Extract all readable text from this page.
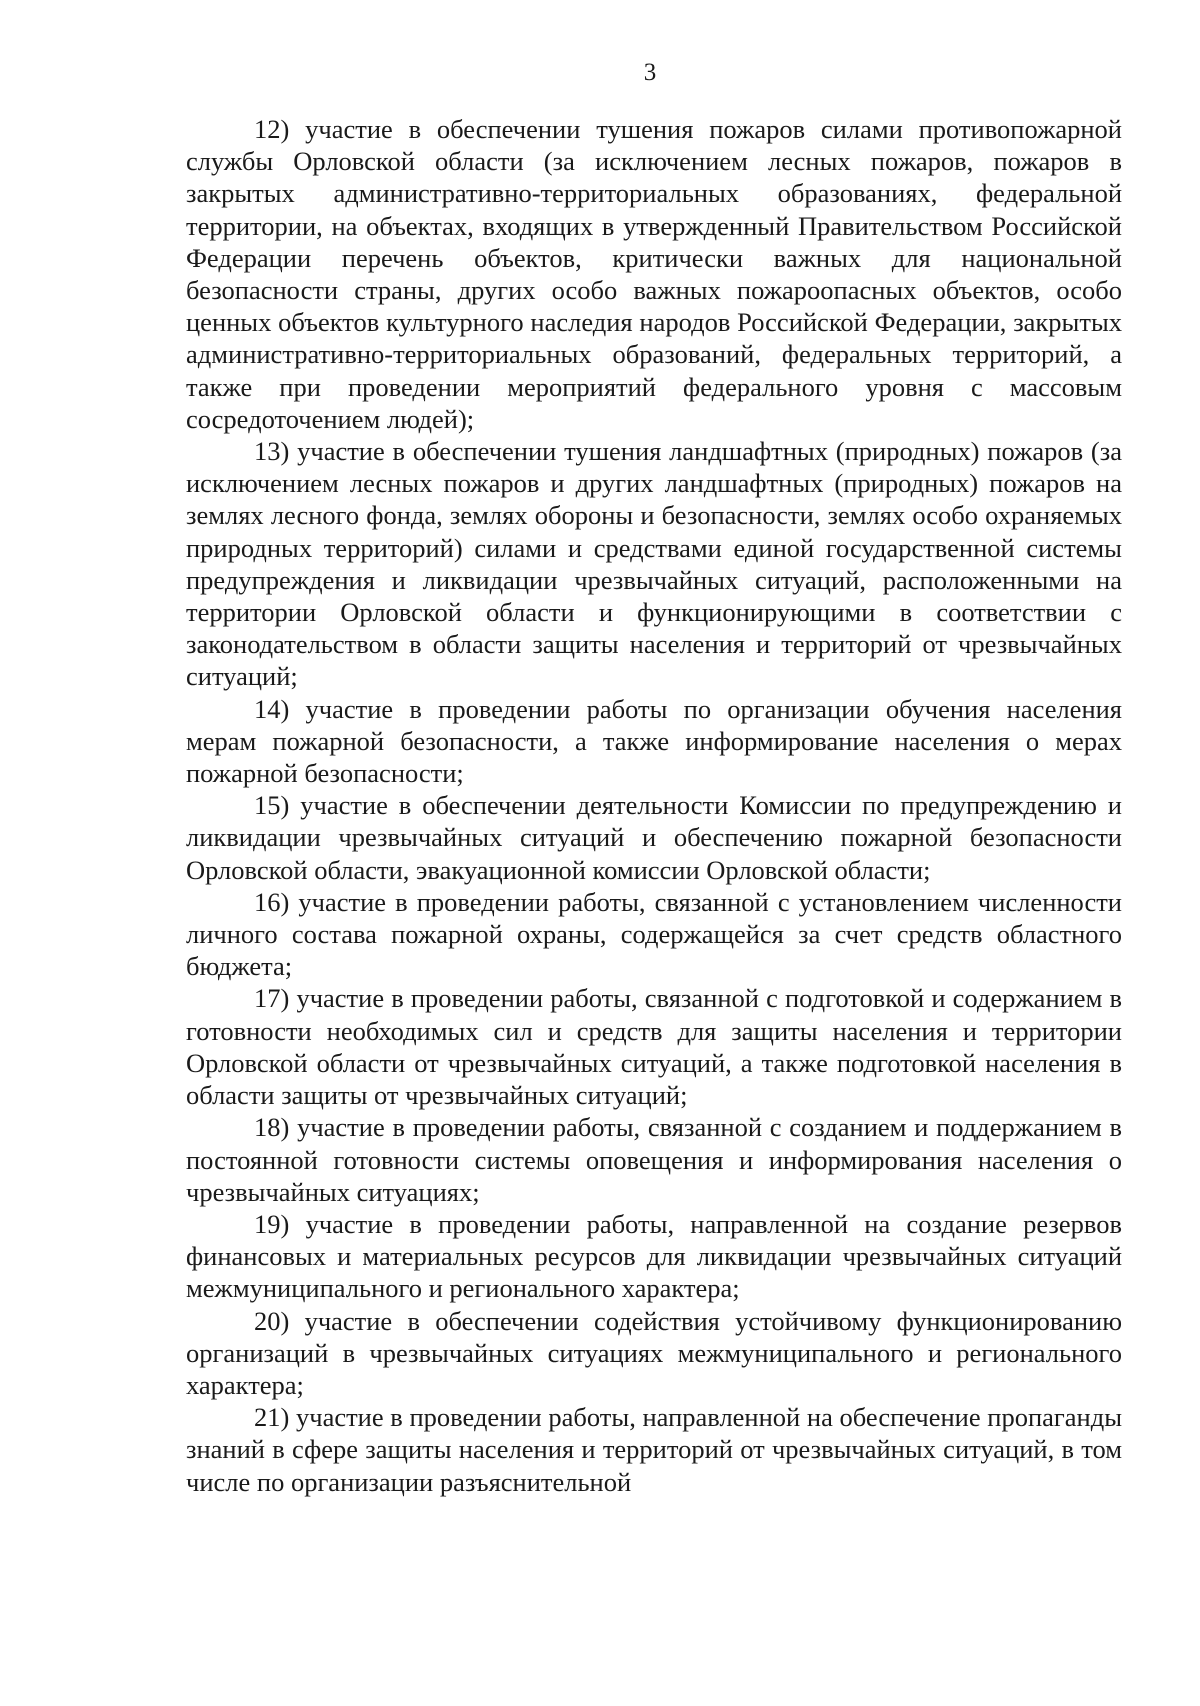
3

12) участие в обеспечении тушения пожаров силами противопожарной службы Орловской области (за исключением лесных пожаров, пожаров в закрытых административно-территориальных образованиях, федеральной территории, на объектах, входящих в утвержденный Правительством Российской Федерации перечень объектов, критически важных для национальной безопасности страны, других особо важных пожароопасных объектов, особо ценных объектов культурного наследия народов Российской Федерации, закрытых административно-территориальных образований, федеральных территорий, а также при проведении мероприятий федерального уровня с массовым сосредоточением людей);

13) участие в обеспечении тушения ландшафтных (природных) пожаров (за исключением лесных пожаров и других ландшафтных (природных) пожаров на землях лесного фонда, землях обороны и безопасности, землях особо охраняемых природных территорий) силами и средствами единой государственной системы предупреждения и ликвидации чрезвычайных ситуаций, расположенными на территории Орловской области и функционирующими в соответствии с законодательством в области защиты населения и территорий от чрезвычайных ситуаций;

14) участие в проведении работы по организации обучения населения мерам пожарной безопасности, а также информирование населения о мерах пожарной безопасности;

15) участие в обеспечении деятельности Комиссии по предупреждению и ликвидации чрезвычайных ситуаций и обеспечению пожарной безопасности Орловской области, эвакуационной комиссии Орловской области;

16) участие в проведении работы, связанной с установлением численности личного состава пожарной охраны, содержащейся за счет средств областного бюджета;

17) участие в проведении работы, связанной с подготовкой и содержанием в готовности необходимых сил и средств для защиты населения и территории Орловской области от чрезвычайных ситуаций, а также подготовкой населения в области защиты от чрезвычайных ситуаций;

18) участие в проведении работы, связанной с созданием и поддержанием в постоянной готовности системы оповещения и информирования населения о чрезвычайных ситуациях;

19) участие в проведении работы, направленной на создание резервов финансовых и материальных ресурсов для ликвидации чрезвычайных ситуаций межмуниципального и регионального характера;

20) участие в обеспечении содействия устойчивому функционированию организаций в чрезвычайных ситуациях межмуниципального и регионального характера;

21) участие в проведении работы, направленной на обеспечение пропаганды знаний в сфере защиты населения и территорий от чрезвычайных ситуаций, в том числе по организации разъяснительной
